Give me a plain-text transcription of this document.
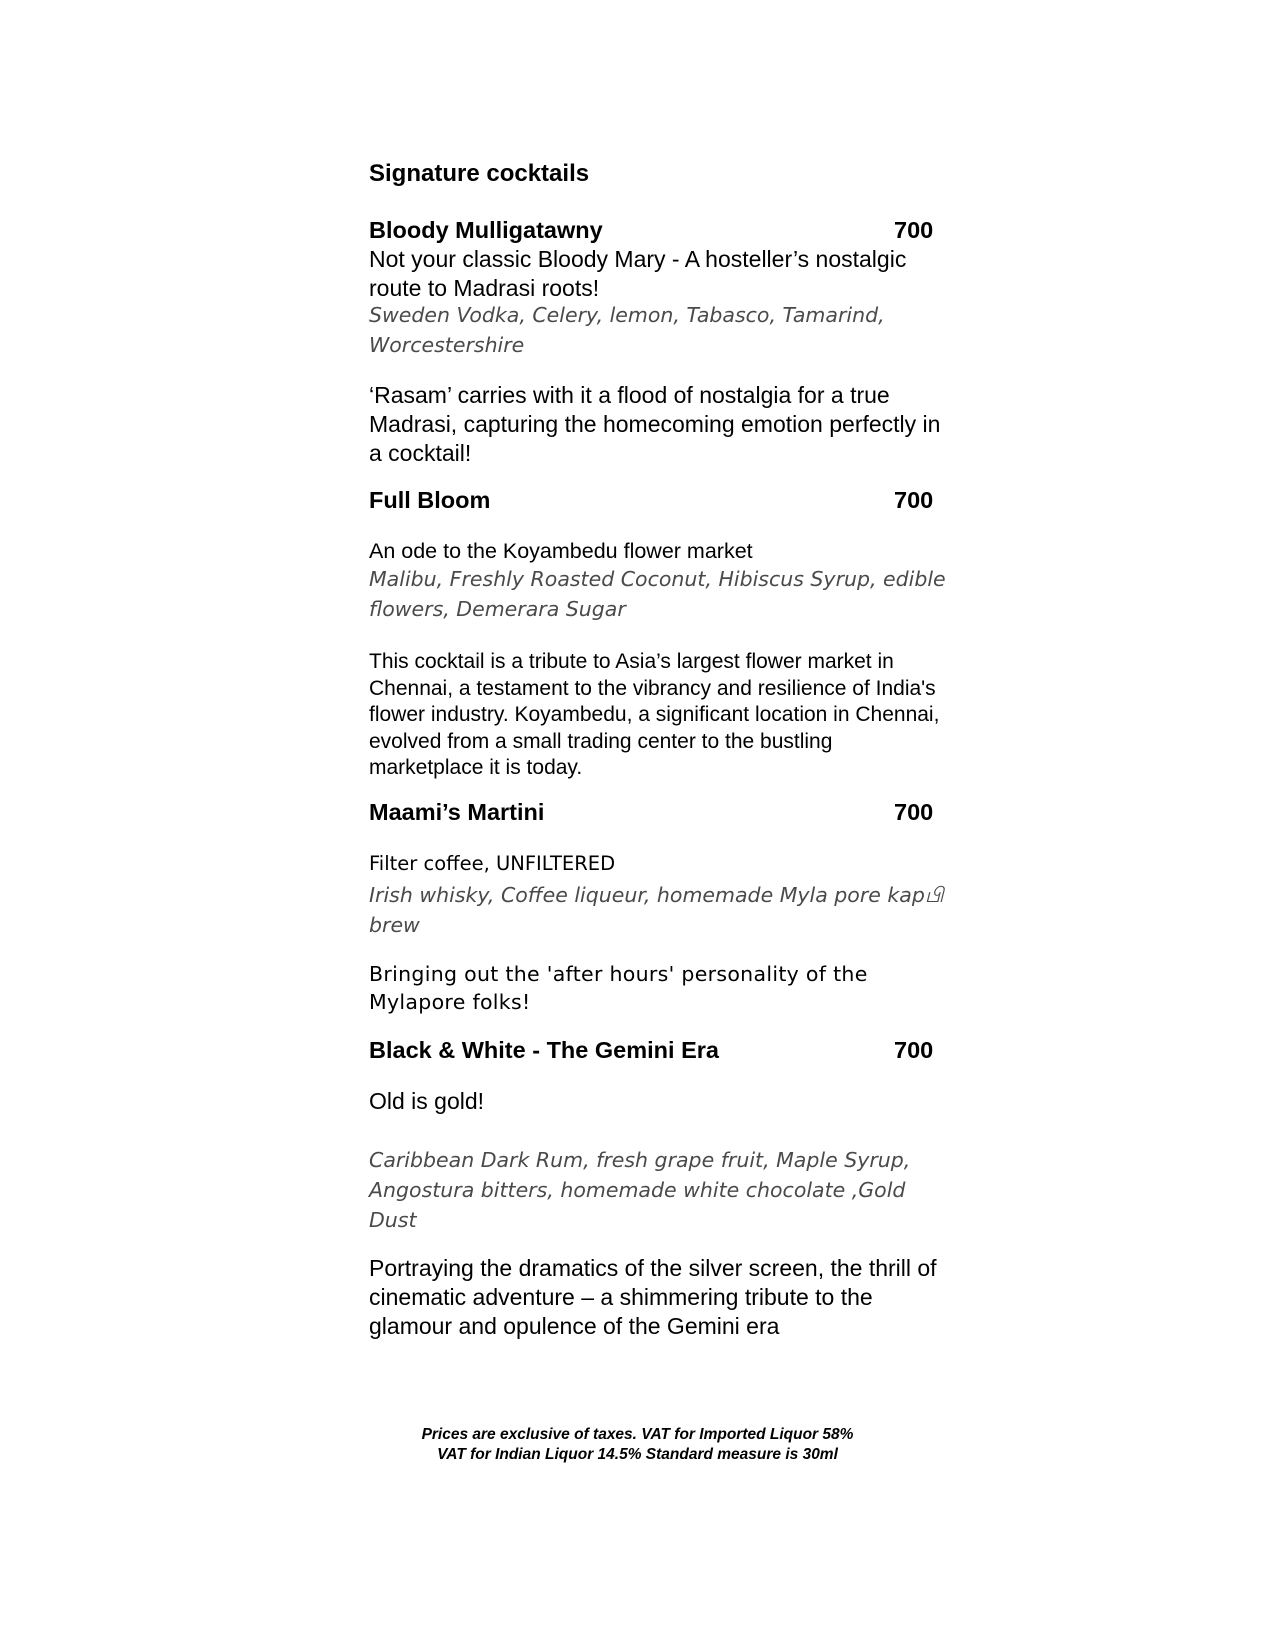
Signature cocktails
Bloody Mulligatawny	700

Not your classic Bloody Mary - A hosteller’s nostalgic route to Madrasi roots!

Sweden Vodka, Celery, lemon, Tabasco, Tamarind, Worcestershire

‘Rasam’ carries with it a flood of nostalgia for a true Madrasi, capturing the homecoming emotion perfectly in a cocktail!

Full Bloom	700

An ode to the Koyambedu flower market

Malibu, Freshly Roasted Coconut, Hibiscus Syrup, edible flowers, Demerara Sugar

This cocktail is a tribute to Asia’s largest flower market in Chennai, a testament to the vibrancy and resilience of India's flower industry. Koyambedu, a significant location in Chennai, evolved from a small trading center to the bustling marketplace it is today.

Maami’s Martini	700

Filter coffee, UNFILTERED

Irish whisky, Coffee liqueur, homemade Myla pore kapபி brew

Bringing out the 'after hours' personality of the Mylapore folks!

Black & White - The Gemini Era	700

Old is gold!

Caribbean Dark Rum, fresh grape fruit, Maple Syrup, Angostura bitters, homemade white chocolate ,Gold Dust

Portraying the dramatics of the silver screen, the thrill of cinematic adventure – a shimmering tribute to the glamour and opulence of the Gemini era

Prices are exclusive of taxes. VAT for Imported Liquor 58%
VAT for Indian Liquor 14.5% Standard measure is 30ml
